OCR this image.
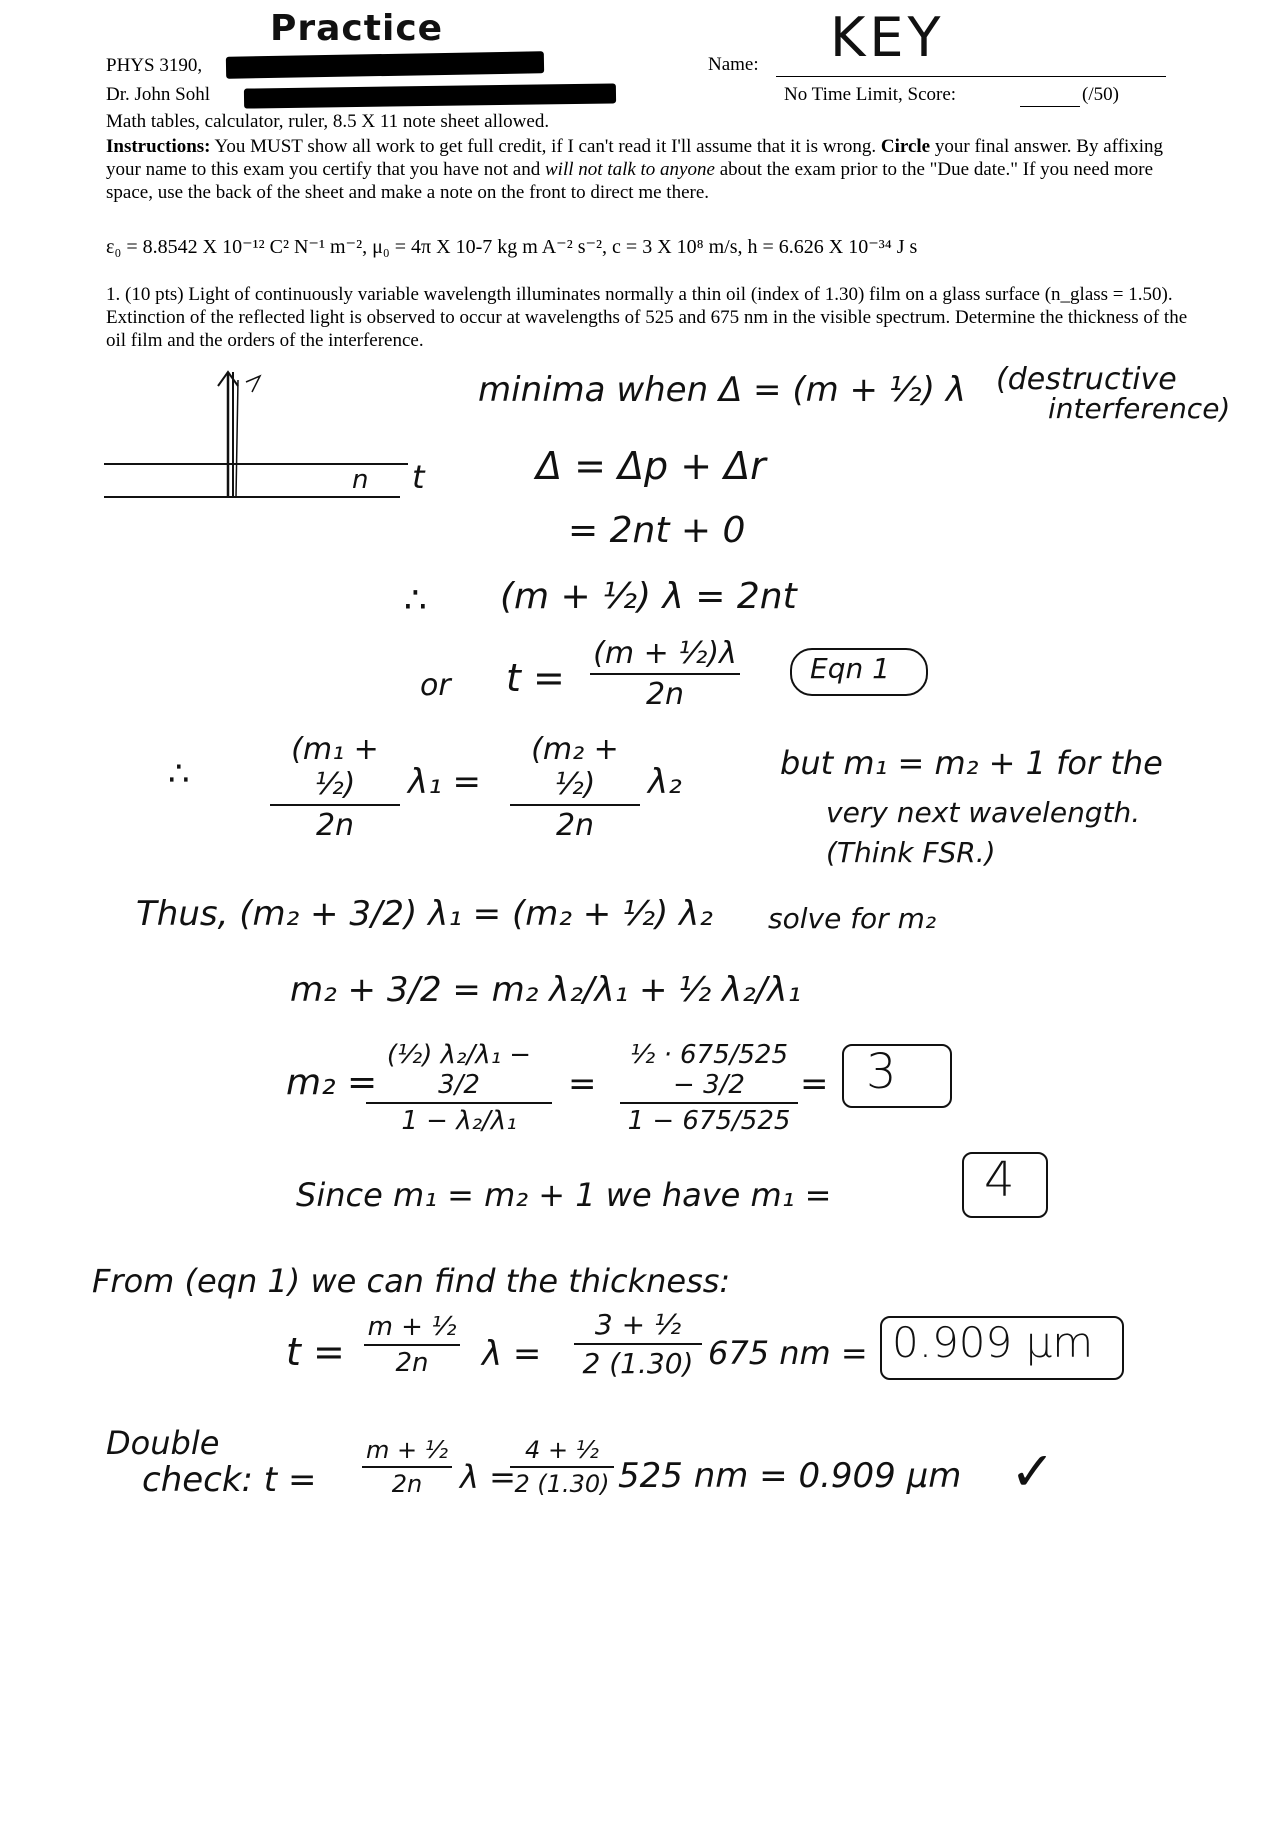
Practice
PHYS 3190,
Dr. John Sohl
Name: KEY
No Time Limit, Score:	(/50)
Math tables, calculator, ruler, 8.5 X 11 note sheet allowed.

Instructions: You MUST show all work to get full credit, if I can't read it I'll assume that it is wrong. Circle your final answer. By affixing your name to this exam you certify that you have not and will not talk to anyone about the exam prior to the "Due date." If you need more space, use the back of the sheet and make a note on the front to direct me there.

ε₀ = 8.8542 X 10⁻¹² C² N⁻¹ m⁻², μ₀ = 4π X 10-7 kg m A⁻² s⁻², c = 3 X 10⁸ m/s, h = 6.626 X 10⁻³⁴ J s

1. (10 pts) Light of continuously variable wavelength illuminates normally a thin oil (index of 1.30) film on a glass surface (n_glass = 1.50). Extinction of the reflected light is observed to occur at wavelengths of 525 and 675 nm in the visible spectrum. Determine the thickness of the oil film and the orders of the interference.

n t
minima when Δ = (m + ½) λ (destructive
interference)
Δ = Δp + Δr
= 2nt + 0
∴ (m + ½) λ = 2nt
or t =
(m + ½)λ
2n
Eqn 1
∴
(m₁ + ½)
2n
λ₁ =
(m₂ + ½)
2n
λ₂	but m₁ = m₂ + 1 for the
very next wavelength.
(Think FSR.)
Thus, (m₂ + 3/2) λ₁ = (m₂ + ½) λ₂ solve for m₂
m₂ + 3/2 = m₂ λ₂/λ₁ + ½ λ₂/λ₁
m₂ =
(½) λ₂/λ₁ − 3/2
1 − λ₂/λ₁
=
½ · 675/525 − 3/2
1 − 675/525
= 3
Since m₁ = m₂ + 1 we have m₁ =	4
From (eqn 1) we can find the thickness:
t =
m + ½
2n	λ =
3 + ½
2 (1.30) 675 nm = 0.909 μm
Double
check: t =
m + ½
2n	λ =
4 + ½
2 (1.30) 525 nm = 0.909 μm ✓
